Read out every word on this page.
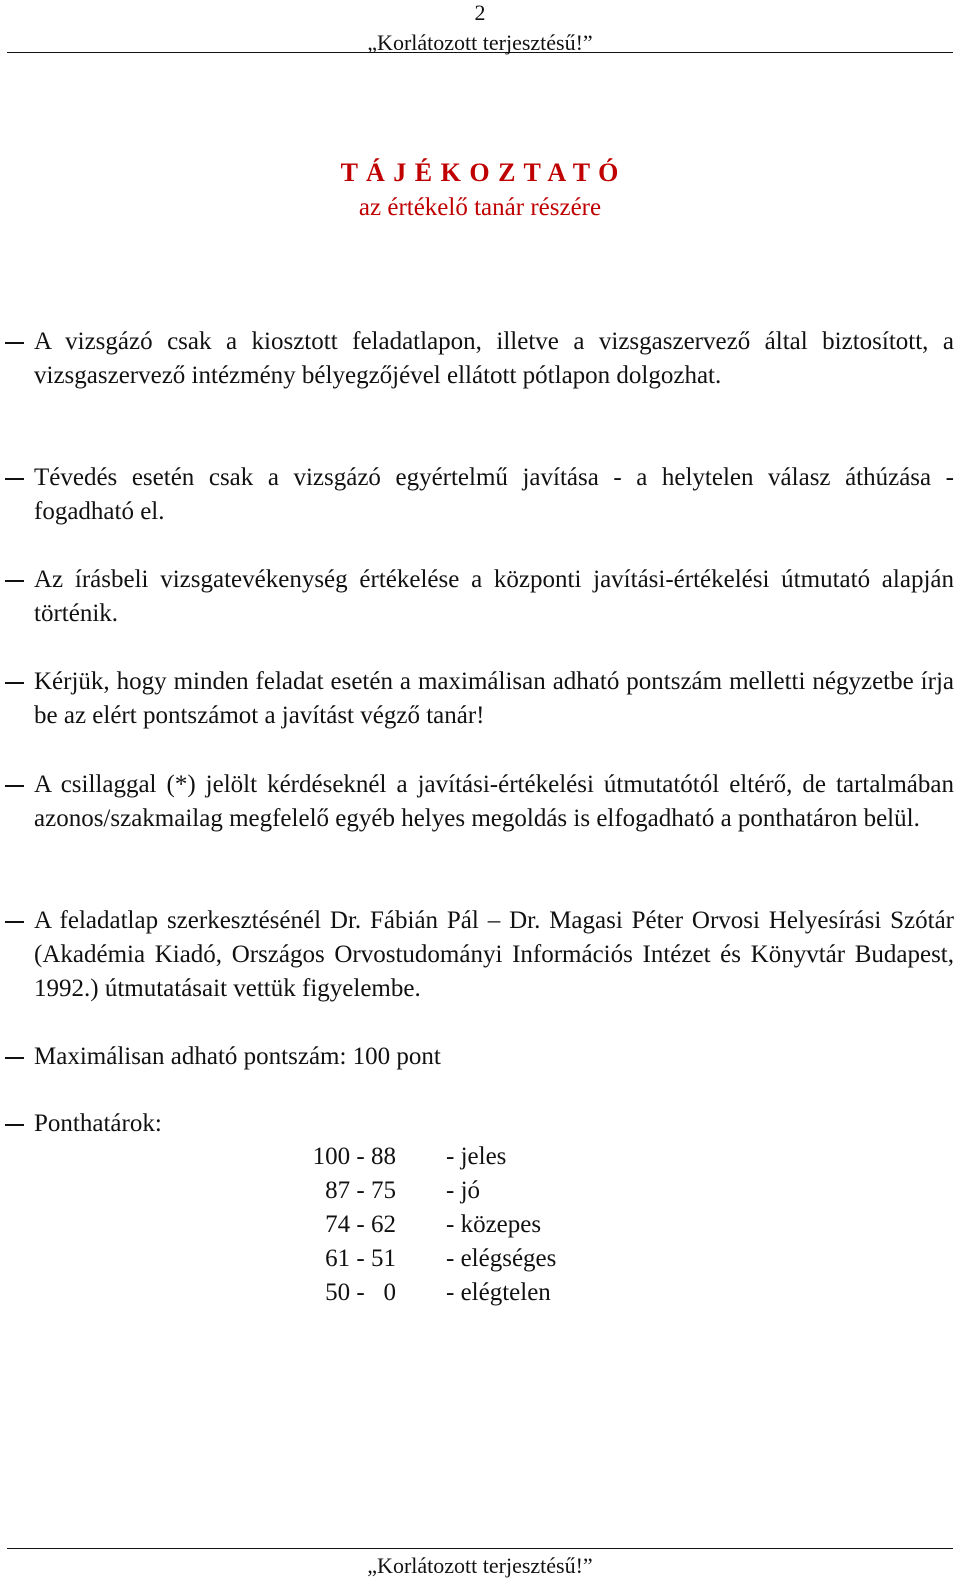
2
„Korlátozott terjesztésű!”
T Á J É K O Z T A T Ó
az értékelő tanár részére
A vizsgázó csak a kiosztott feladatlapon, illetve a vizsgaszervező által biztosított, a vizsgaszervező intézmény bélyegzőjével ellátott pótlapon dolgozhat.
Tévedés esetén csak a vizsgázó egyértelmű javítása - a helytelen válasz áthúzása - fogadható el.
Az írásbeli vizsgatevékenység értékelése a központi javítási-értékelési útmutató alapján történik.
Kérjük, hogy minden feladat esetén a maximálisan adható pontszám melletti négyzetbe írja be az elért pontszámot a javítást végző tanár!
A csillaggal (*) jelölt kérdéseknél a javítási-értékelési útmutatótól eltérő, de tartalmában azonos/szakmailag megfelelő egyéb helyes megoldás is elfogadható a ponthatáron belül.
A feladatlap szerkesztésénél Dr. Fábián Pál – Dr. Magasi Péter Orvosi Helyesírási Szótár (Akadémia Kiadó, Országos Orvostudományi Információs Intézet és Könyvtár Budapest, 1992.) útmutatásait vettük figyelembe.
Maximálisan adható pontszám: 100 pont
Ponthatárok:
100 - 88 - jeles
87 - 75 - jó
74 - 62 - közepes
61 - 51 - elégséges
50 -   0 - elégtelen
„Korlátozott terjesztésű!”
